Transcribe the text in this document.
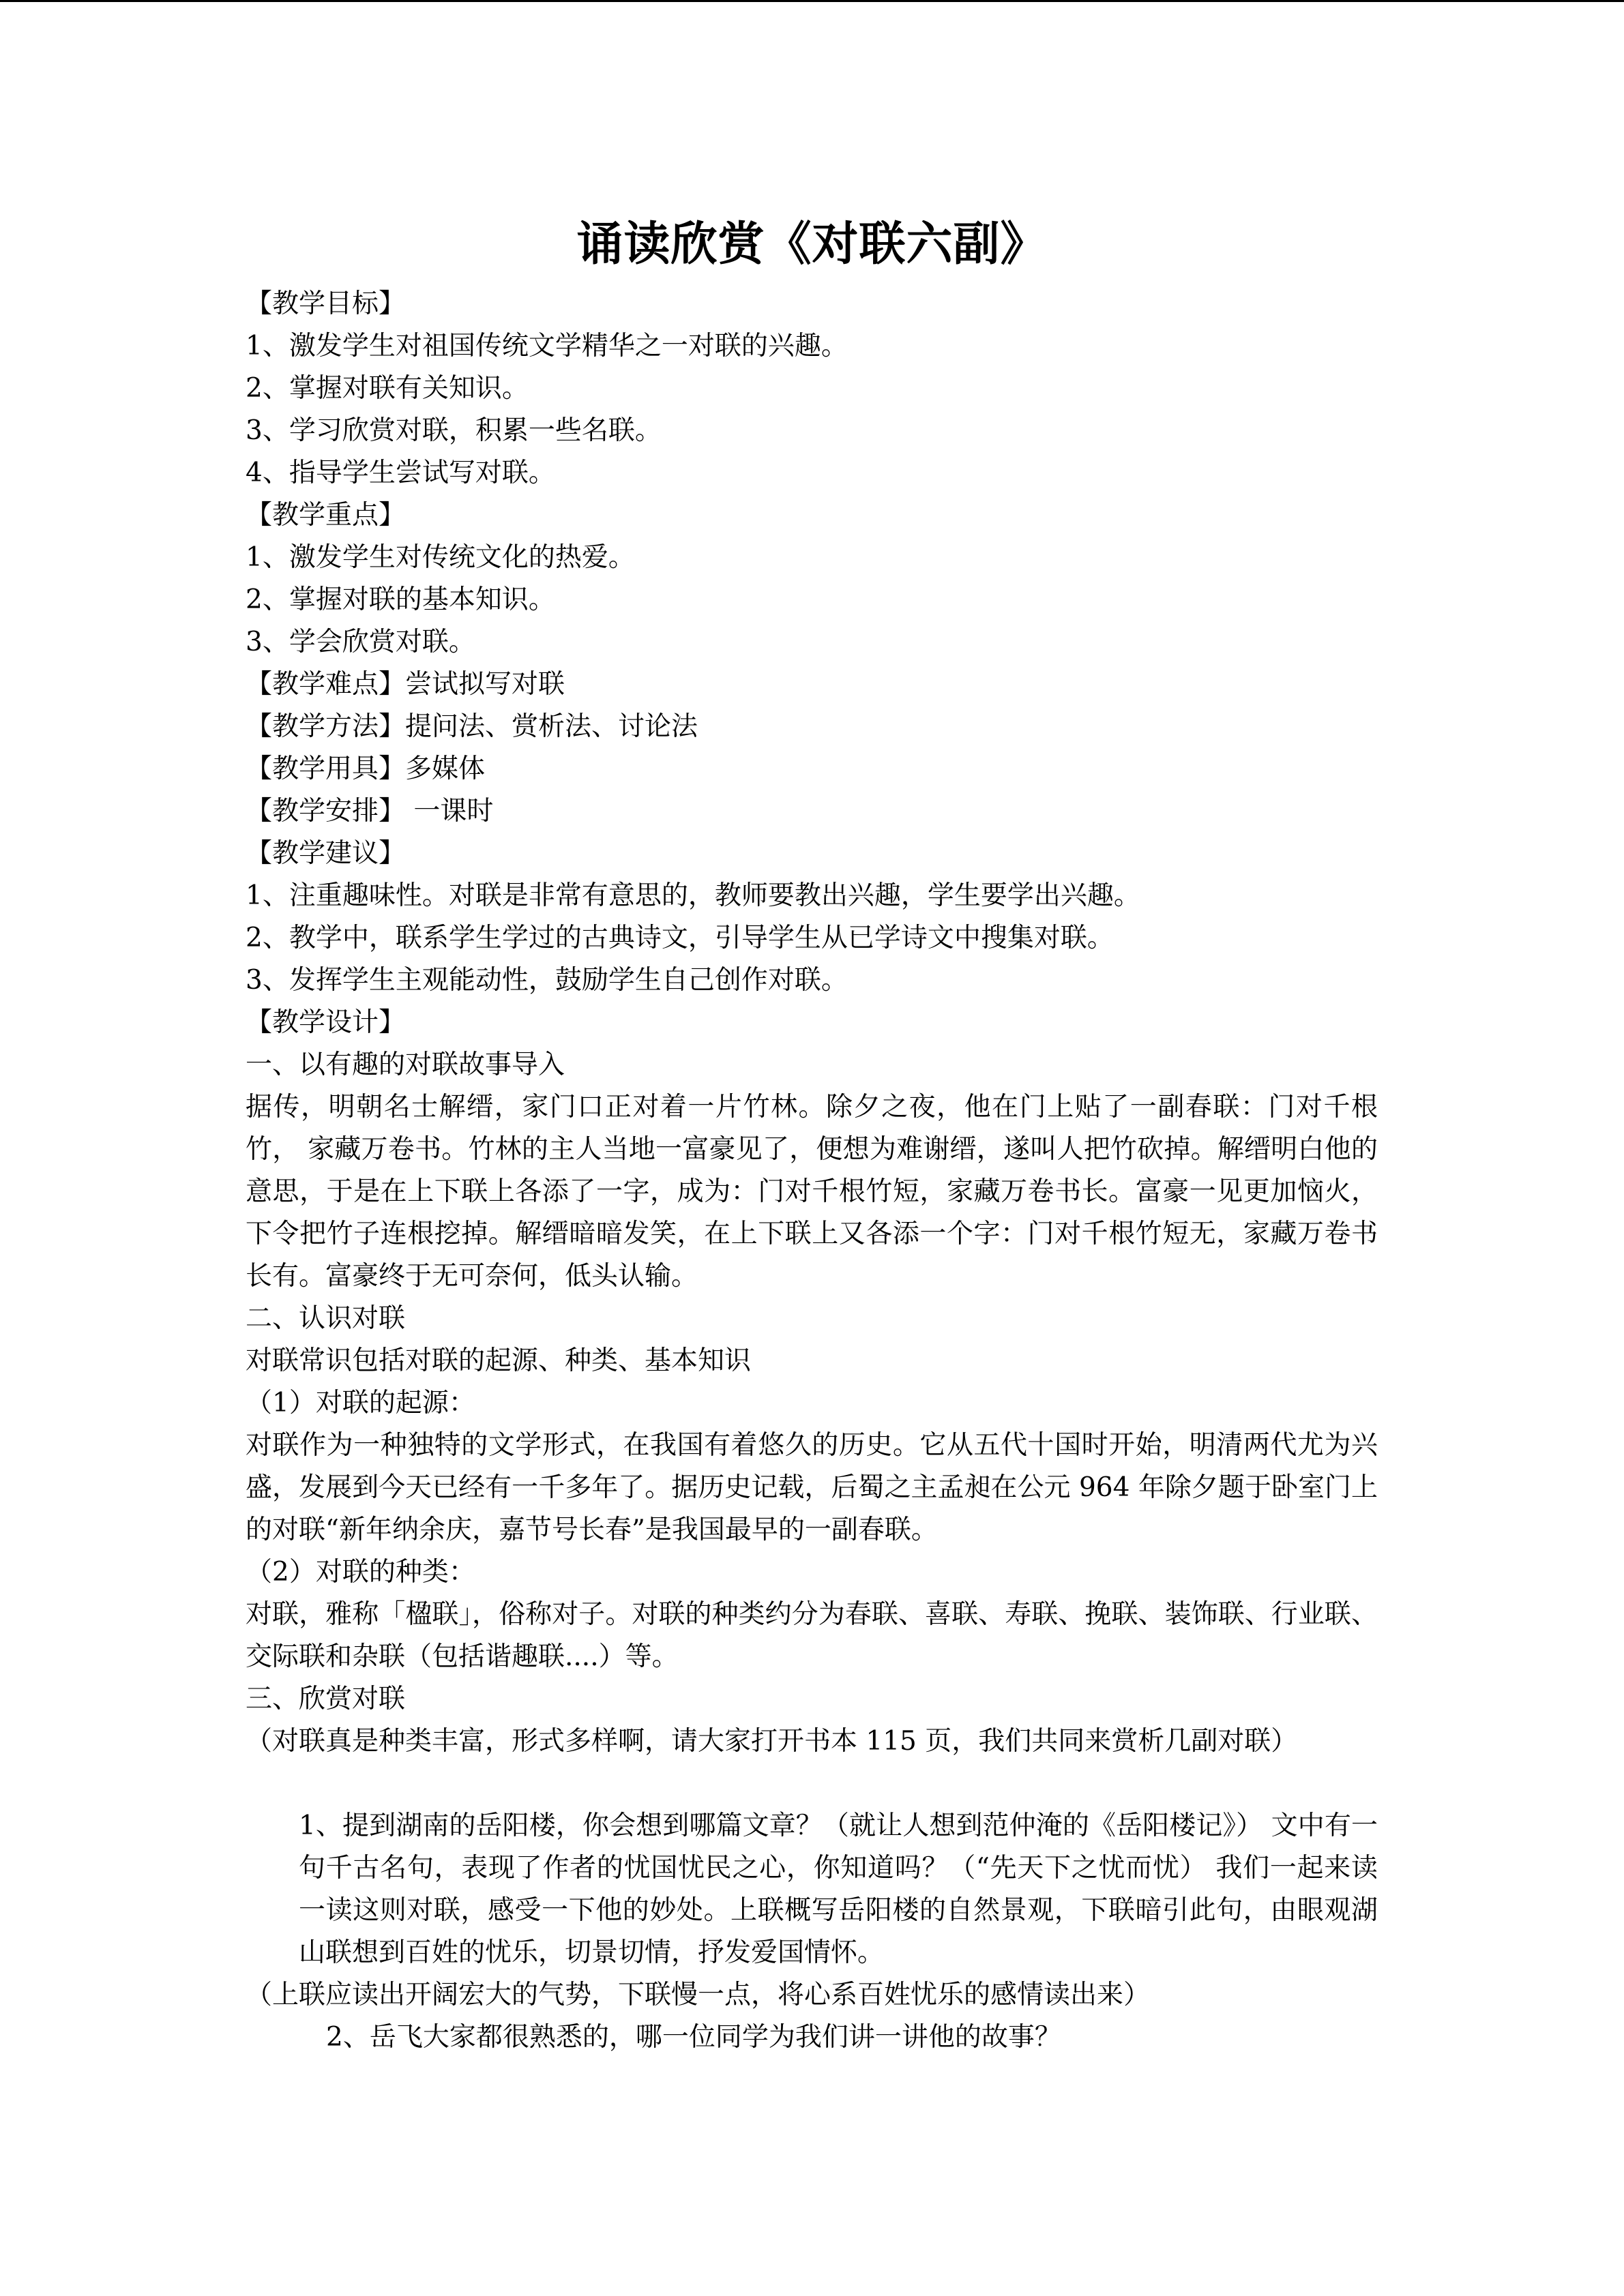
诵读欣赏《对联六副》
【教学目标】
1、激发学生对祖国传统文学精华之一对联的兴趣。
2、掌握对联有关知识。
3、学习欣赏对联，积累一些名联。
4、指导学生尝试写对联。
【教学重点】
1、激发学生对传统文化的热爱。
2、掌握对联的基本知识。
3、学会欣赏对联。
【教学难点】尝试拟写对联
【教学方法】提问法、赏析法、讨论法
【教学用具】多媒体
【教学安排】 一课时
【教学建议】
1、注重趣味性。对联是非常有意思的，教师要教出兴趣，学生要学出兴趣。
2、教学中，联系学生学过的古典诗文，引导学生从已学诗文中搜集对联。
3、发挥学生主观能动性，鼓励学生自己创作对联。
【教学设计】
一、以有趣的对联故事导入
据传，明朝名士解缙，家门口正对着一片竹林。除夕之夜，他在门上贴了一副春联：门对千根竹， 家藏万卷书。竹林的主人当地一富豪见了，便想为难谢缙，遂叫人把竹砍掉。解缙明白他的意思，于是在上下联上各添了一字，成为：门对千根竹短，家藏万卷书长。富豪一见更加恼火，下令把竹子连根挖掉。解缙暗暗发笑，在上下联上又各添一个字：门对千根竹短无，家藏万卷书长有。富豪终于无可奈何，低头认输。
二、认识对联
对联常识包括对联的起源、种类、基本知识
（1）对联的起源：
对联作为一种独特的文学形式，在我国有着悠久的历史。它从五代十国时开始，明清两代尤为兴盛，发展到今天已经有一千多年了。据历史记载，后蜀之主孟昶在公元 964 年除夕题于卧室门上的对联“新年纳余庆，嘉节号长春”是我国最早的一副春联。
（2）对联的种类：
对联，雅称「楹联」，俗称对子。对联的种类约分为春联、喜联、寿联、挽联、装饰联、行业联、交际联和杂联（包括谐趣联....）等。
三、欣赏对联
（对联真是种类丰富，形式多样啊，请大家打开书本 115 页，我们共同来赏析几副对联）
1、提到湖南的岳阳楼，你会想到哪篇文章？（就让人想到范仲淹的《岳阳楼记》） 文中有一句千古名句，表现了作者的忧国忧民之心，你知道吗？（“先天下之忧而忧） 我们一起来读一读这则对联，感受一下他的妙处。上联概写岳阳楼的自然景观，下联暗引此句，由眼观湖山联想到百姓的忧乐，切景切情，抒发爱国情怀。
（上联应读出开阔宏大的气势，下联慢一点，将心系百姓忧乐的感情读出来）
2、岳飞大家都很熟悉的，哪一位同学为我们讲一讲他的故事？
